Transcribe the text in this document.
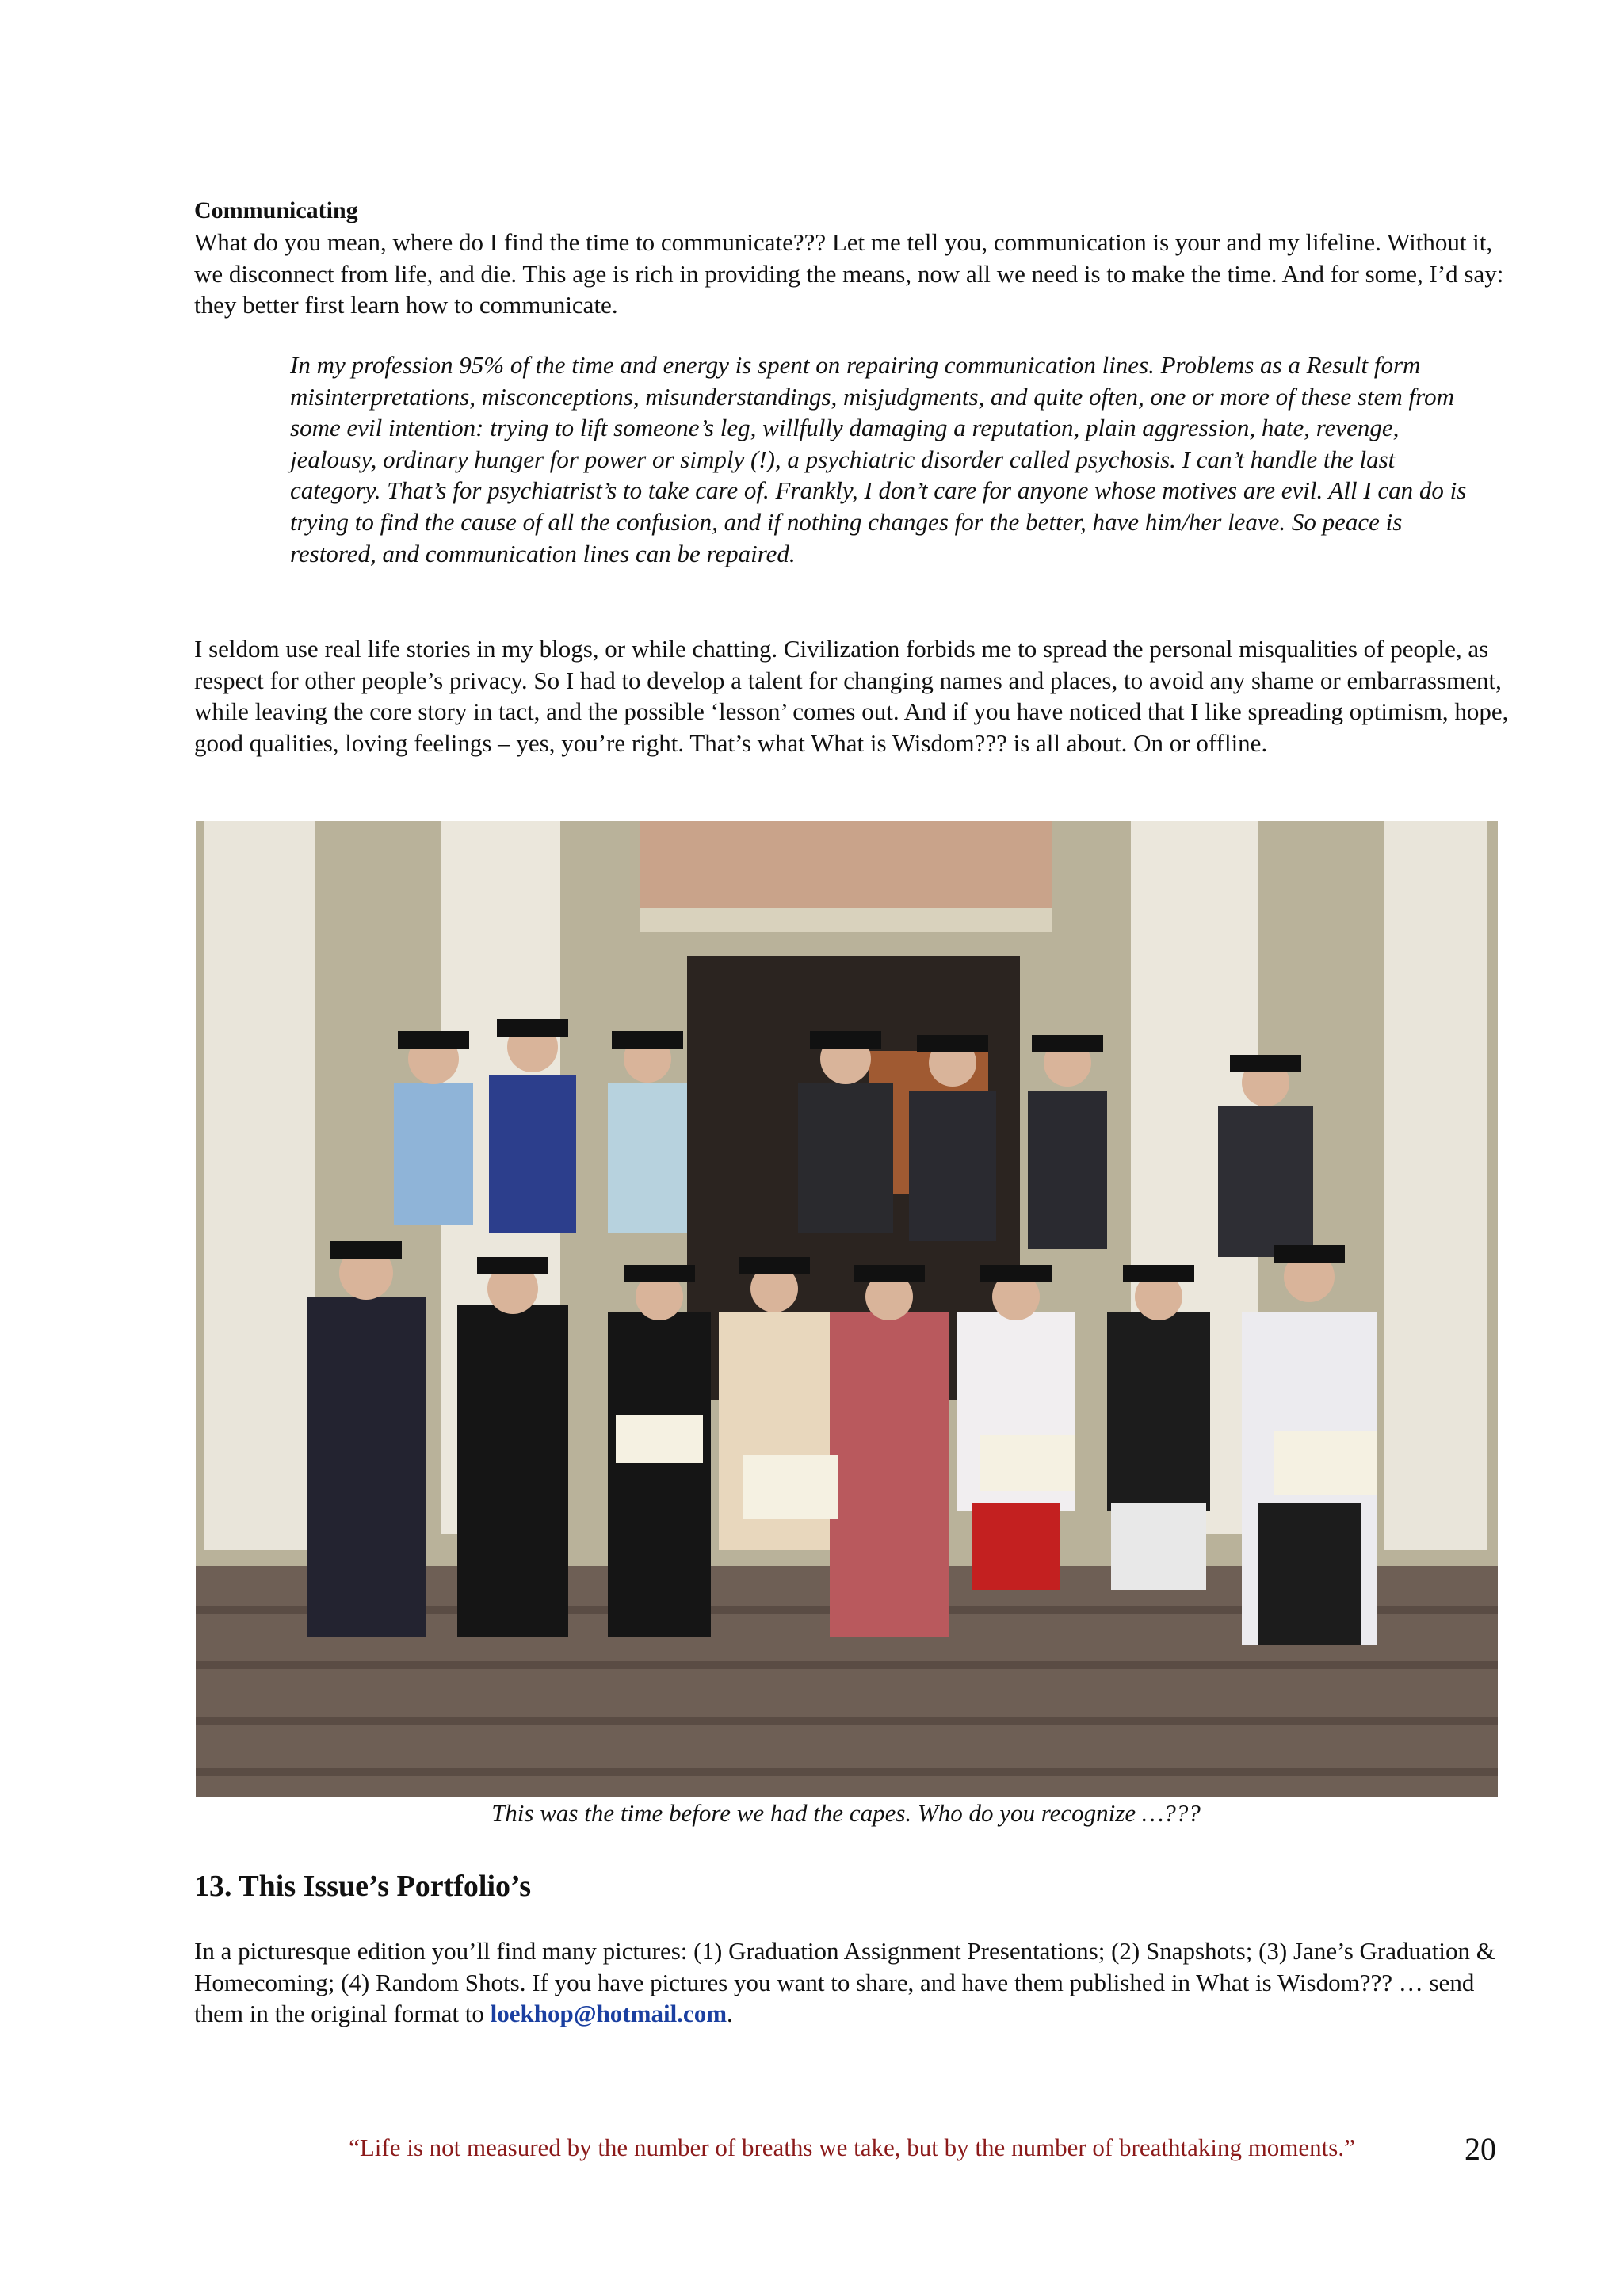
Communicating

What do you mean, where do I find the time to communicate??? Let me tell you, communication is your and my lifeline. Without it, we disconnect from life, and die. This age is rich in providing the means, now all we need is to make the time. And for some, I’d say: they better first learn how to communicate.

In my profession 95% of the time and energy is spent on repairing communication lines. Problems as a Result form misinterpretations, misconceptions, misunderstandings, misjudgments, and quite often, one or more of these stem from some evil intention: trying to lift someone’s leg, willfully damaging a reputation, plain aggression, hate, revenge, jealousy, ordinary hunger for power or simply (!), a psychiatric disorder called psychosis. I can’t handle the last category. That’s for psychiatrist’s to take care of. Frankly, I don’t care for anyone whose motives are evil. All I can do is trying to find the cause of all the confusion, and if nothing changes for the better, have him/her leave. So peace is restored, and communication lines can be repaired.

I seldom use real life stories in my blogs, or while chatting. Civilization forbids me to spread the personal misqualities of people, as respect for other people’s privacy. So I had to develop a talent for changing names and places, to avoid any shame or embarrassment, while leaving the core story in tact, and the possible ‘lesson’ comes out. And if you have noticed that I like spreading optimism, hope, good qualities, loving feelings – yes, you’re right. That’s what What is Wisdom??? is all about. On or offline.

This was the time before we had the capes. Who do you recognize …???

13. This Issue’s Portfolio’s

In a picturesque edition you’ll find many pictures: (1) Graduation Assignment Presentations; (2) Snapshots; (3) Jane’s Graduation & Homecoming; (4) Random Shots. If you have pictures you want to share, and have them published in What is Wisdom??? … send them in the original format to loekhop@hotmail.com.

“Life is not measured by the number of breaths we take, but by the number of breathtaking moments.”	20
